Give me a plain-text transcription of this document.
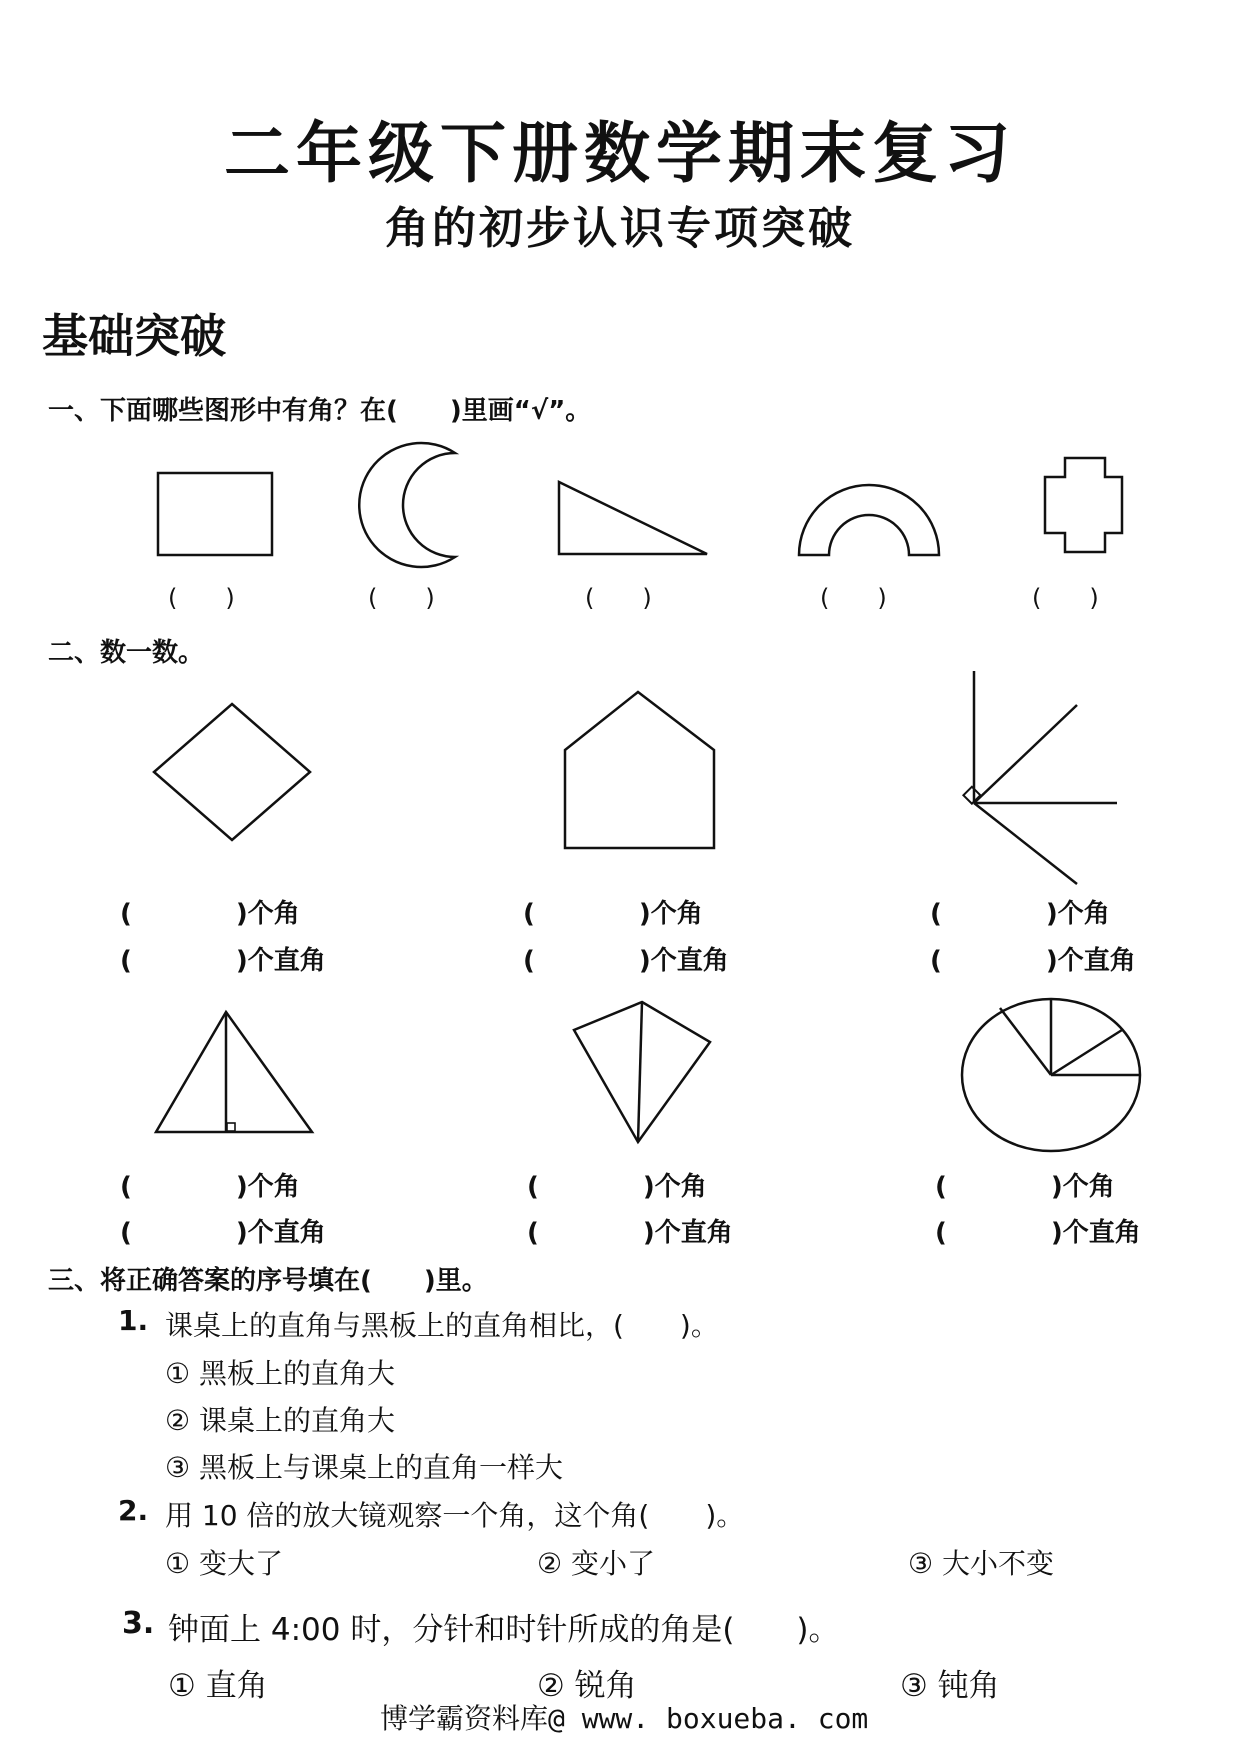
二年级下册数学期末复习
角的初步认识专项突破
基础突破
一、下面哪些图形中有角？在(　　)里画“√”。
(　　)	(　　)	(　　)	(　　)	(　　)
二、数一数。
(　　　　)个角
(　　　　)个直角
(　　　　)个角
(　　　　)个直角
(　　　　)个角
(　　　　)个直角
(　　　　)个角
(　　　　)个直角
(　　　　)个角
(　　　　)个直角
(　　　　)个角
(　　　　)个直角
三、将正确答案的序号填在(　　)里。
1. 课桌上的直角与黑板上的直角相比，(　　)。
① 黑板上的直角大
② 课桌上的直角大
③ 黑板上与课桌上的直角一样大
2. 用 10 倍的放大镜观察一个角，这个角(　　)。
① 变大了	② 变小了	③ 大小不变
3. 钟面上 4:00 时，分针和时针所成的角是(　　)。
① 直角	② 锐角	③ 钝角
博学霸资料库@ www. boxueba. com
